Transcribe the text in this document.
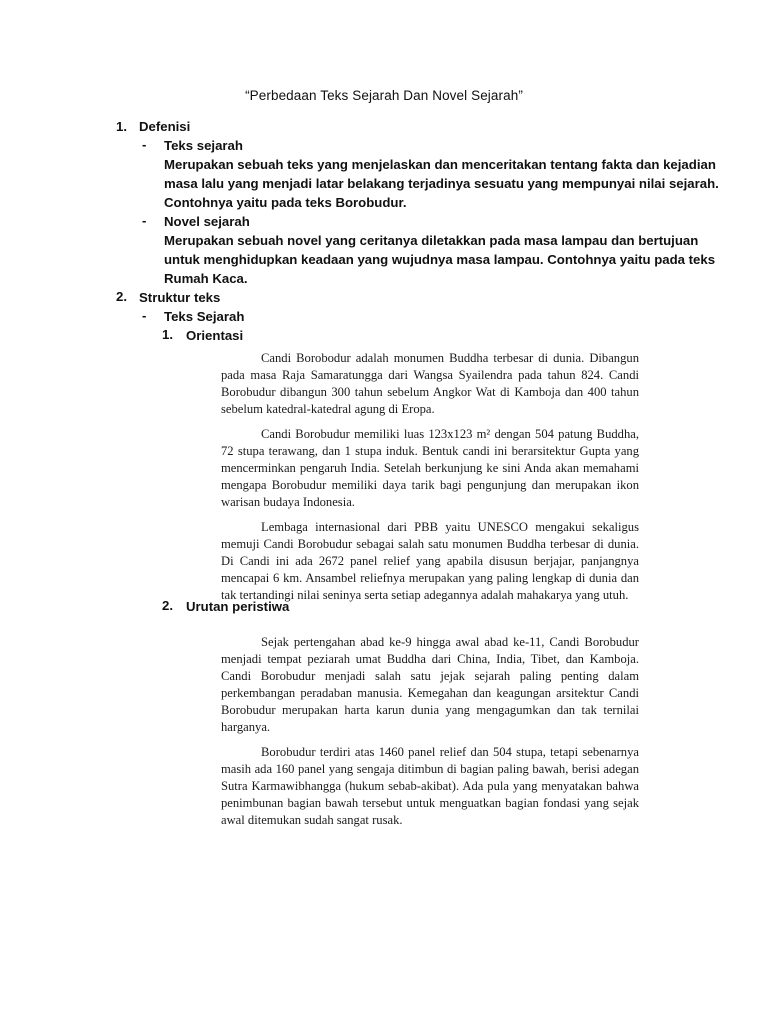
“Perbedaan Teks Sejarah Dan Novel Sejarah”
1. Defenisi
- Teks sejarah
Merupakan sebuah teks yang menjelaskan dan menceritakan tentang fakta dan kejadian
masa lalu yang menjadi latar belakang terjadinya sesuatu yang mempunyai nilai sejarah.
Contohnya yaitu pada teks Borobudur.
- Novel sejarah
Merupakan sebuah novel yang ceritanya diletakkan pada masa lampau dan bertujuan
untuk menghidupkan keadaan yang wujudnya masa lampau. Contohnya yaitu pada teks
Rumah Kaca.
2. Struktur teks
- Teks Sejarah
1. Orientasi

Candi Borobodur adalah monumen Buddha terbesar di dunia. Dibangun pada masa Raja Samaratungga dari Wangsa Syailendra pada tahun 824. Candi Borobudur dibangun 300 tahun sebelum Angkor Wat di Kamboja dan 400 tahun sebelum katedral-katedral agung di Eropa.

Candi Borobudur memiliki luas 123x123 m² dengan 504 patung Buddha, 72 stupa terawang, dan 1 stupa induk. Bentuk candi ini berarsitektur Gupta yang mencerminkan pengaruh India. Setelah berkunjung ke sini Anda akan memahami mengapa Borobudur memiliki daya tarik bagi pengunjung dan merupakan ikon warisan budaya Indonesia.

Lembaga internasional dari PBB yaitu UNESCO mengakui sekaligus memuji Candi Borobudur sebagai salah satu monumen Buddha terbesar di dunia. Di Candi ini ada 2672 panel relief yang apabila disusun berjajar, panjangnya mencapai 6 km. Ansambel reliefnya merupakan yang paling lengkap di dunia dan tak tertandingi nilai seninya serta setiap adegannya adalah mahakarya yang utuh.

2. Urutan peristiwa

Sejak pertengahan abad ke-9 hingga awal abad ke-11, Candi Borobudur menjadi tempat peziarah umat Buddha dari China, India, Tibet, dan Kamboja. Candi Borobudur menjadi salah satu jejak sejarah paling penting dalam perkembangan peradaban manusia. Kemegahan dan keagungan arsitektur Candi Borobudur merupakan harta karun dunia yang mengagumkan dan tak ternilai harganya.

Borobudur terdiri atas 1460 panel relief dan 504 stupa, tetapi sebenarnya masih ada 160 panel yang sengaja ditimbun di bagian paling bawah, berisi adegan Sutra Karmawibhangga (hukum sebab-akibat). Ada pula yang menyatakan bahwa penimbunan bagian bawah tersebut untuk menguatkan bagian fondasi yang sejak awal ditemukan sudah sangat rusak.
